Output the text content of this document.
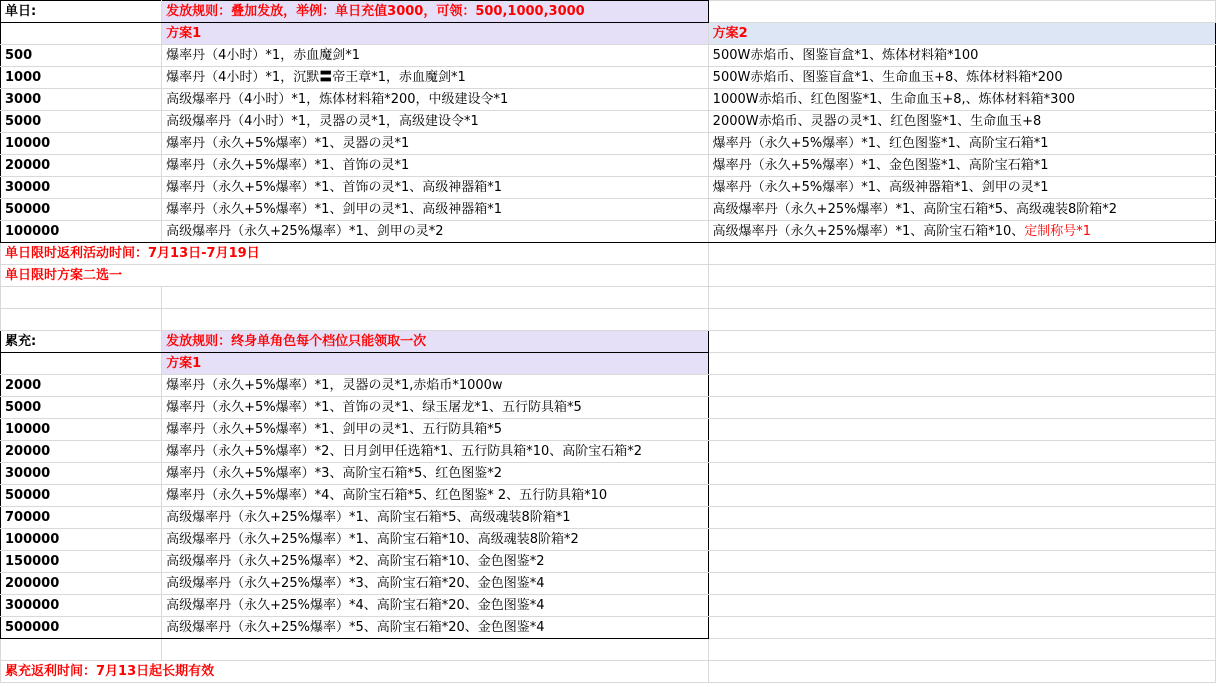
单日:	发放规则：叠加发放，举例：单日充值3000，可领：500,1000,3000	
	方案1	方案2
500	爆率丹（4小时）*1，赤血魔剑*1	500W赤焰币、图鉴盲盒*1、炼体材料箱*100
1000	爆率丹（4小时）*1，沉默〓帝王章*1，赤血魔剑*1	500W赤焰币、图鉴盲盒*1、生命血玉+8、炼体材料箱*200
3000	高级爆率丹（4小时）*1，炼体材料箱*200，中级建设令*1	1000W赤焰币、红色图鉴*1、生命血玉+8,、炼体材料箱*300
5000	高级爆率丹（4小时）*1，灵器の灵*1，高级建设令*1	2000W赤焰币、灵器の灵*1、红色图鉴*1、生命血玉+8
10000	爆率丹（永久+5%爆率）*1、灵器の灵*1	爆率丹（永久+5%爆率）*1、红色图鉴*1、高阶宝石箱*1
20000	爆率丹（永久+5%爆率）*1、首饰の灵*1	爆率丹（永久+5%爆率）*1、金色图鉴*1、高阶宝石箱*1
30000	爆率丹（永久+5%爆率）*1、首饰の灵*1、高级神器箱*1	爆率丹（永久+5%爆率）*1、高级神器箱*1、剑甲の灵*1
50000	爆率丹（永久+5%爆率）*1、剑甲の灵*1、高级神器箱*1	高级爆率丹（永久+25%爆率）*1、高阶宝石箱*5、高级魂装8阶箱*2
100000	高级爆率丹（永久+25%爆率）*1、剑甲の灵*2	高级爆率丹（永久+25%爆率）*1、高阶宝石箱*10、定制称号*1
单日限时返利活动时间：7月13日-7月19日		
单日限时方案二选一		

累充:	发放规则：终身单角色每个档位只能领取一次	
	方案1	
2000	爆率丹（永久+5%爆率）*1，灵器の灵*1,赤焰币*1000w	
5000	爆率丹（永久+5%爆率）*1、首饰の灵*1、绿玉屠龙*1、五行防具箱*5	
10000	爆率丹（永久+5%爆率）*1、剑甲の灵*1、五行防具箱*5	
20000	爆率丹（永久+5%爆率）*2、日月剑甲任选箱*1、五行防具箱*10、高阶宝石箱*2	
30000	爆率丹（永久+5%爆率）*3、高阶宝石箱*5、红色图鉴*2	
50000	爆率丹（永久+5%爆率）*4、高阶宝石箱*5、红色图鉴* 2、五行防具箱*10	
70000	高级爆率丹（永久+25%爆率）*1、高阶宝石箱*5、高级魂装8阶箱*1	
100000	高级爆率丹（永久+25%爆率）*1、高阶宝石箱*10、高级魂装8阶箱*2	
150000	高级爆率丹（永久+25%爆率）*2、高阶宝石箱*10、金色图鉴*2	
200000	高级爆率丹（永久+25%爆率）*3、高阶宝石箱*20、金色图鉴*4	
300000	高级爆率丹（永久+25%爆率）*4、高阶宝石箱*20、金色图鉴*4	
500000	高级爆率丹（永久+25%爆率）*5、高阶宝石箱*20、金色图鉴*4	

累充返利时间：7月13日起长期有效		
